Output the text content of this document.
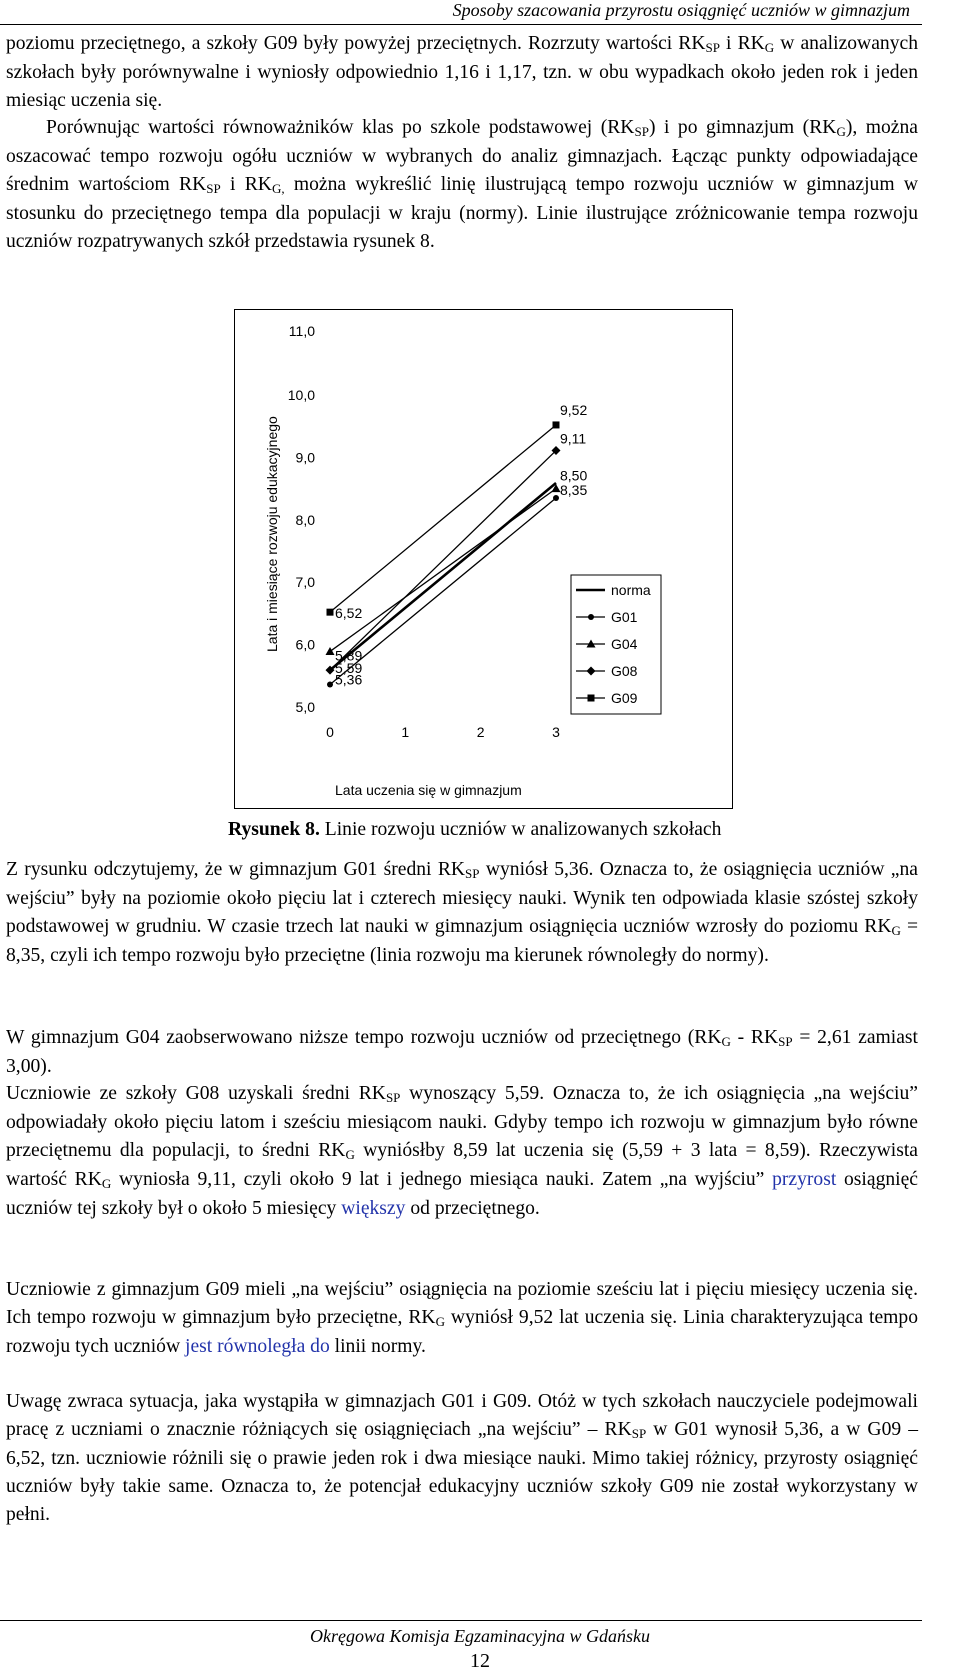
Sposoby szacowania przyrostu osiągnięć uczniów w gimnazjum

poziomu przeciętnego, a szkoły G09 były powyżej przeciętnych. Rozrzuty wartości $RK_{SP}$ i $RK_G$ w analizowanych szkołach były porównywalne i wyniosły odpowiednio 1,16 i 1,17, tzn. w obu wypadkach około jeden rok i jeden miesiąc uczenia się.

Porównując wartości równoważników klas po szkole podstawowej $(RK_{SP})$ i po gimnazjum $(RK_G)$, można oszacować tempo rozwoju ogółu uczniów w wybranych do analiz gimnazjach. Łącząc punkty odpowiadające średnim wartościom $RK_{SP}$ i $RK_{G,}$ można wykreślić linię ilustrującą tempo rozwoju uczniów w gimnazjum w stosunku do przeciętnego tempa dla populacji w kraju (normy). Linie ilustrujące zróżnicowanie tempa rozwoju uczniów rozpatrywanych szkół przedstawia rysunek 8.

Lata i miesiące rozwoju edukacyjnego
Lata uczenia się w gimnazjum
5,0
6,0
7,0
8,0
9,0
10,0
11,0
0	1	2	3
5,36
8,35
5,89
8,50
5,59
9,11
6,52
9,52
norma
G01
G04
G08
G09

Rysunek 8. Linie rozwoju uczniów w analizowanych szkołach

Z rysunku odczytujemy, że w gimnazjum G01 średni $RK_{SP}$ wyniósł 5,36. Oznacza to, że osiągnięcia uczniów „na wejściu” były na poziomie około pięciu lat i czterech miesięcy nauki. Wynik ten odpowiada klasie szóstej szkoły podstawowej w grudniu. W czasie trzech lat nauki w gimnazjum osiągnięcia uczniów wzrosły do poziomu $RK_G = 8,35$, czyli ich tempo rozwoju było przeciętne (linia rozwoju ma kierunek równoległy do normy).

W gimnazjum G04 zaobserwowano niższe tempo rozwoju uczniów od przeciętnego ($RK_G - RK_{SP} = 2,61$ zamiast 3,00).

Uczniowie ze szkoły G08 uzyskali średni $RK_{SP}$ wynoszący 5,59. Oznacza to, że ich osiągnięcia „na wejściu” odpowiadały około pięciu latom i sześciu miesiącom nauki. Gdyby tempo ich rozwoju w gimnazjum było równe przeciętnemu dla populacji, to średni $RK_G$ wyniósłby 8,59 lat uczenia się (5,59 + 3 lata = 8,59). Rzeczywista wartość $RK_G$ wyniosła 9,11, czyli około 9 lat i jednego miesiąca nauki. Zatem „na wyjściu” przyrost osiągnięć uczniów tej szkoły był o około 5 miesięcy większy od przeciętnego.

Uczniowie z gimnazjum G09 mieli „na wejściu” osiągnięcia na poziomie sześciu lat i pięciu miesięcy uczenia się. Ich tempo rozwoju w gimnazjum było przeciętne, $RK_G$ wyniósł 9,52 lat uczenia się. Linia charakteryzująca tempo rozwoju tych uczniów jest równoległa do linii normy.

Uwagę zwraca sytuacja, jaka wystąpiła w gimnazjach G01 i G09. Otóż w tych szkołach nauczyciele podejmowali pracę z uczniami o znacznie różniących się osiągnięciach „na wejściu” – $RK_{SP}$ w G01 wynosił 5,36, a w G09 – 6,52, tzn. uczniowie różnili się o prawie jeden rok i dwa miesiące nauki. Mimo takiej różnicy, przyrosty osiągnięć uczniów były takie same. Oznacza to, że potencjał edukacyjny uczniów szkoły G09 nie został wykorzystany w pełni.

Okręgowa Komisja Egzaminacyjna w Gdańsku
12
